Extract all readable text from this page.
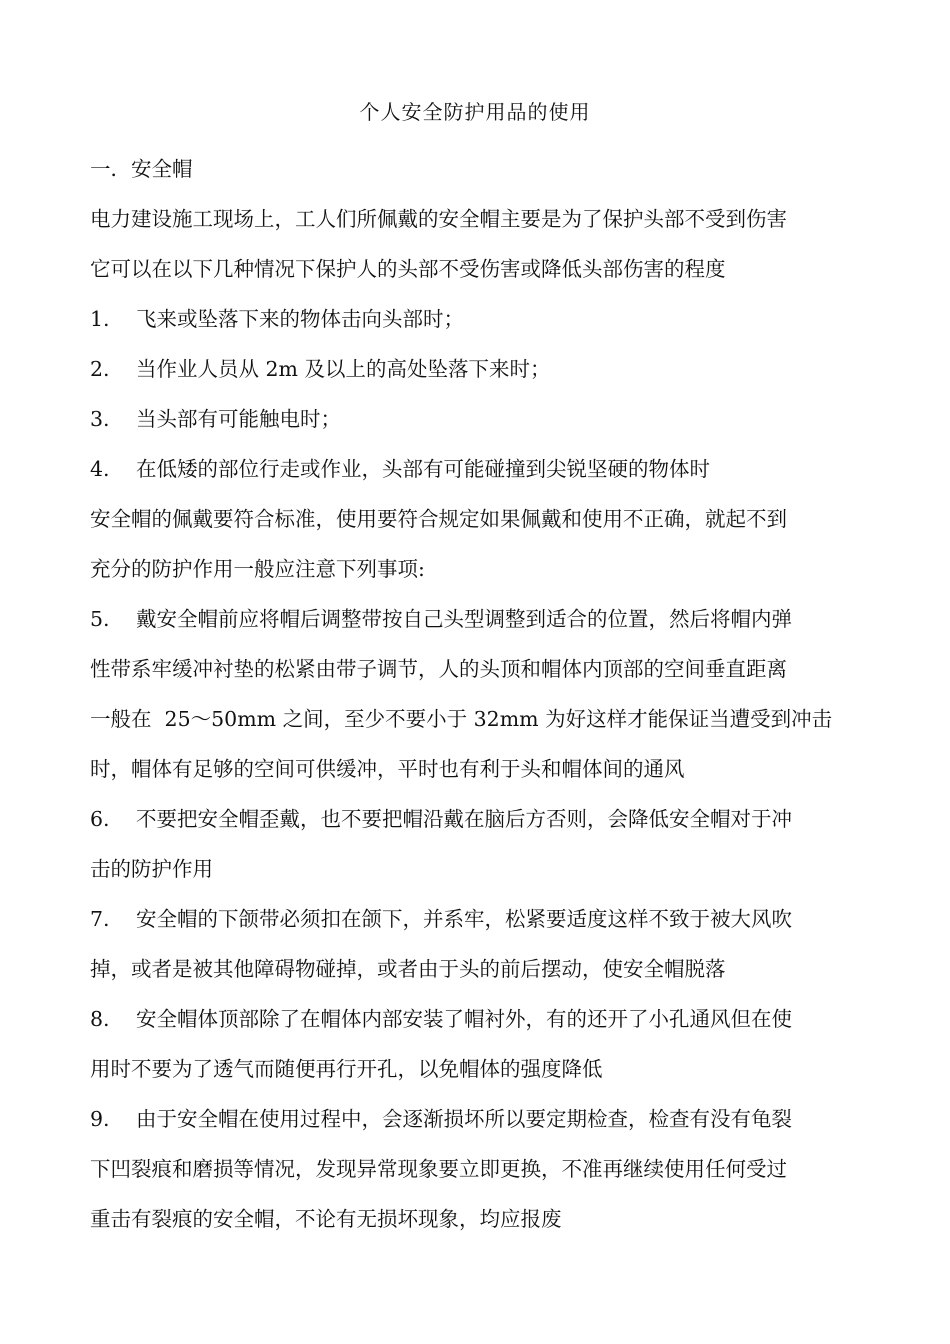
个人安全防护用品的使用
一．安全帽
电力建设施工现场上，工人们所佩戴的安全帽主要是为了保护头部不受到伤害
它可以在以下几种情况下保护人的头部不受伤害或降低头部伤害的程度
1. 飞来或坠落下来的物体击向头部时；
2. 当作业人员从 2m 及以上的高处坠落下来时；
3. 当头部有可能触电时；
4. 在低矮的部位行走或作业，头部有可能碰撞到尖锐坚硬的物体时
安全帽的佩戴要符合标准，使用要符合规定如果佩戴和使用不正确，就起不到
充分的防护作用一般应注意下列事项:
5. 戴安全帽前应将帽后调整带按自己头型调整到适合的位置，然后将帽内弹
性带系牢缓冲衬垫的松紧由带子调节，人的头顶和帽体内顶部的空间垂直距离
一般在  25～50mm 之间，至少不要小于 32mm 为好这样才能保证当遭受到冲击
时，帽体有足够的空间可供缓冲，平时也有利于头和帽体间的通风
6. 不要把安全帽歪戴，也不要把帽沿戴在脑后方否则，会降低安全帽对于冲
击的防护作用
7. 安全帽的下颌带必须扣在颌下，并系牢，松紧要适度这样不致于被大风吹
掉，或者是被其他障碍物碰掉，或者由于头的前后摆动，使安全帽脱落
8. 安全帽体顶部除了在帽体内部安装了帽衬外，有的还开了小孔通风但在使
用时不要为了透气而随便再行开孔，以免帽体的强度降低
9. 由于安全帽在使用过程中，会逐渐损坏所以要定期检查，检查有没有龟裂
下凹裂痕和磨损等情况，发现异常现象要立即更换，不准再继续使用任何受过
重击有裂痕的安全帽，不论有无损坏现象，均应报废
